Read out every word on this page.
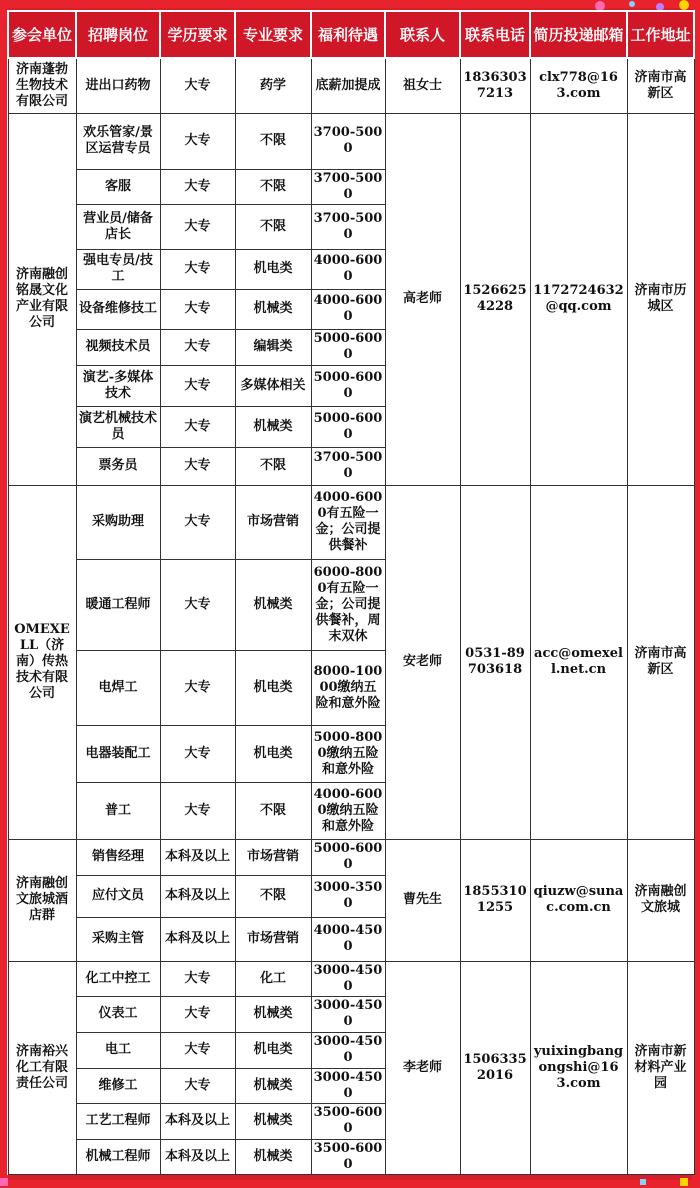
参会单位	招聘岗位	学历要求	专业要求	福利待遇	联系人	联系电话	简历投递邮箱	工作地址
济南蓬勃生物技术有限公司	进出口药物	大专	药学	底薪加提成	祖女士	18363037213	clx778@163.com	济南市高新区
济南融创铭晟文化产业有限公司	欢乐管家/景区运营专员	大专	不限	3700-5000	高老师	15266254228	1172724632@qq.com	济南市历城区
	客服	大专	不限	3700-5000				
	营业员/储备店长	大专	不限	3700-5000				
	强电专员/技工	大专	机电类	4000-6000				
	设备维修技工	大专	机械类	4000-6000				
	视频技术员	大专	编辑类	5000-6000				
	演艺-多媒体技术	大专	多媒体相关	5000-6000				
	演艺机械技术员	大专	机械类	5000-6000				
	票务员	大专	不限	3700-5000				
OMEXELL（济南）传热技术有限公司	采购助理	大专	市场营销	4000-6000有五险一金；公司提供餐补	安老师	0531-89703618	acc@omexell.net.cn	济南市高新区
	暖通工程师	大专	机械类	6000-8000有五险一金；公司提供餐补，周末双休				
	电焊工	大专	机电类	8000-10000缴纳五险和意外险				
	电器装配工	大专	机电类	5000-8000缴纳五险和意外险				
	普工	大专	不限	4000-6000缴纳五险和意外险				
济南融创文旅城酒店群	销售经理	本科及以上	市场营销	5000-6000	曹先生	18553101255	qiuzw@sunac.com.cn	济南融创文旅城
	应付文员	本科及以上	不限	3000-3500				
	采购主管	本科及以上	市场营销	4000-4500				
济南裕兴化工有限责任公司	化工中控工	大专	化工	3000-4500	李老师	15063352016	yuixingbangongshi@163.com	济南市新材料产业园
	仪表工	大专	机械类	3000-4500				
	电工	大专	机电类	3000-4500				
	维修工	大专	机械类	3000-4500				
	工艺工程师	本科及以上	机械类	3500-6000				
	机械工程师	本科及以上	机械类	3500-6000				
